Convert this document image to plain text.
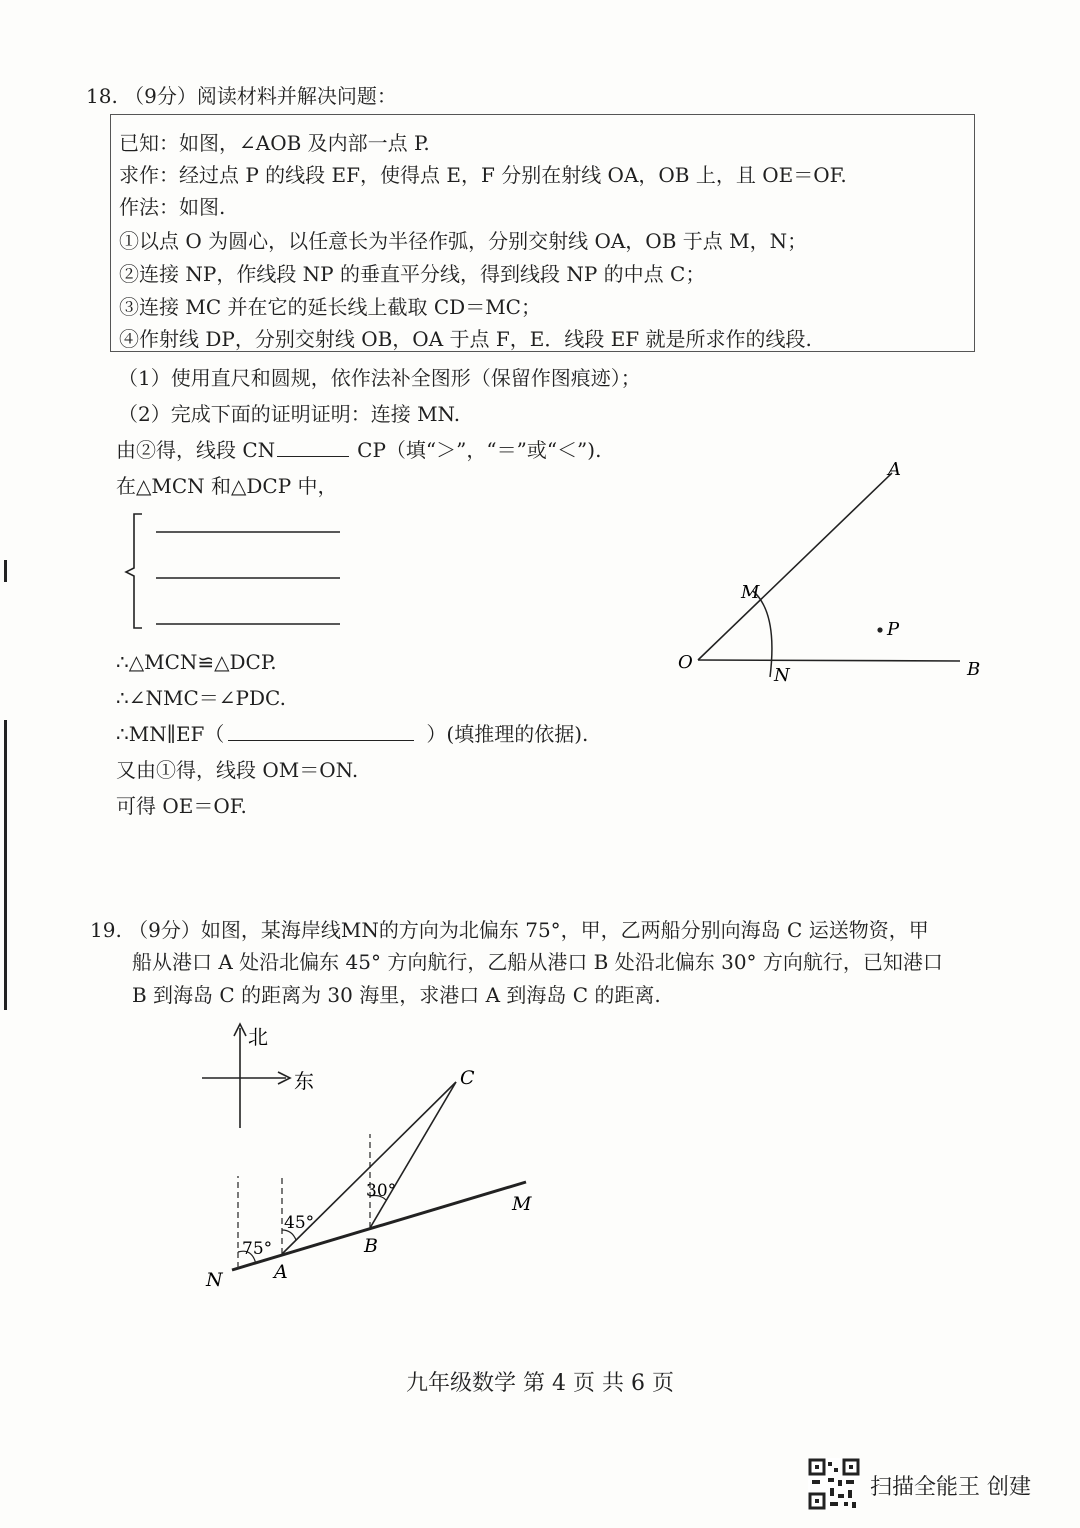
18. （9分）阅读材料并解决问题：
已知：如图，∠AOB 及内部一点 P.
求作：经过点 P 的线段 EF，使得点 E，F 分别在射线 OA，OB 上，且 OE＝OF.
作法：如图.
①以点 O 为圆心，以任意长为半径作弧，分别交射线 OA，OB 于点 M，N；
②连接 NP，作线段 NP 的垂直平分线，得到线段 NP 的中点 C；
③连接 MC 并在它的延长线上截取 CD＝MC；
④作射线 DP，分别交射线 OB，OA 于点 F，E．线段 EF 就是所求作的线段.
（1）使用直尺和圆规，依作法补全图形（保留作图痕迹）；
（2）完成下面的证明证明：连接 MN.
由②得，线段 CN	CP（填“＞”，“＝”或“＜”).
在△MCN 和△DCP 中，
∴△MCN≌△DCP.
∴∠NMC＝∠PDC.
∴MN∥EF（	）(填推理的依据).
又由①得，线段 OM＝ON.
可得 OE＝OF.
A
B
O
M
N
P
19. （9分）如图，某海岸线MN的方向为北偏东 75°，甲，乙两船分别向海岛 C 运送物资，甲
船从港口 A 处沿北偏东 45° 方向航行，乙船从港口 B 处沿北偏东 30° 方向航行，已知港口
B 到海岛 C 的距离为 30 海里，求港口 A 到海岛 C 的距离.
北
东	C
M
N	A
B
75°
45°
30°
九年级数学 第 4 页 共 6 页
扫描全能王 创建
